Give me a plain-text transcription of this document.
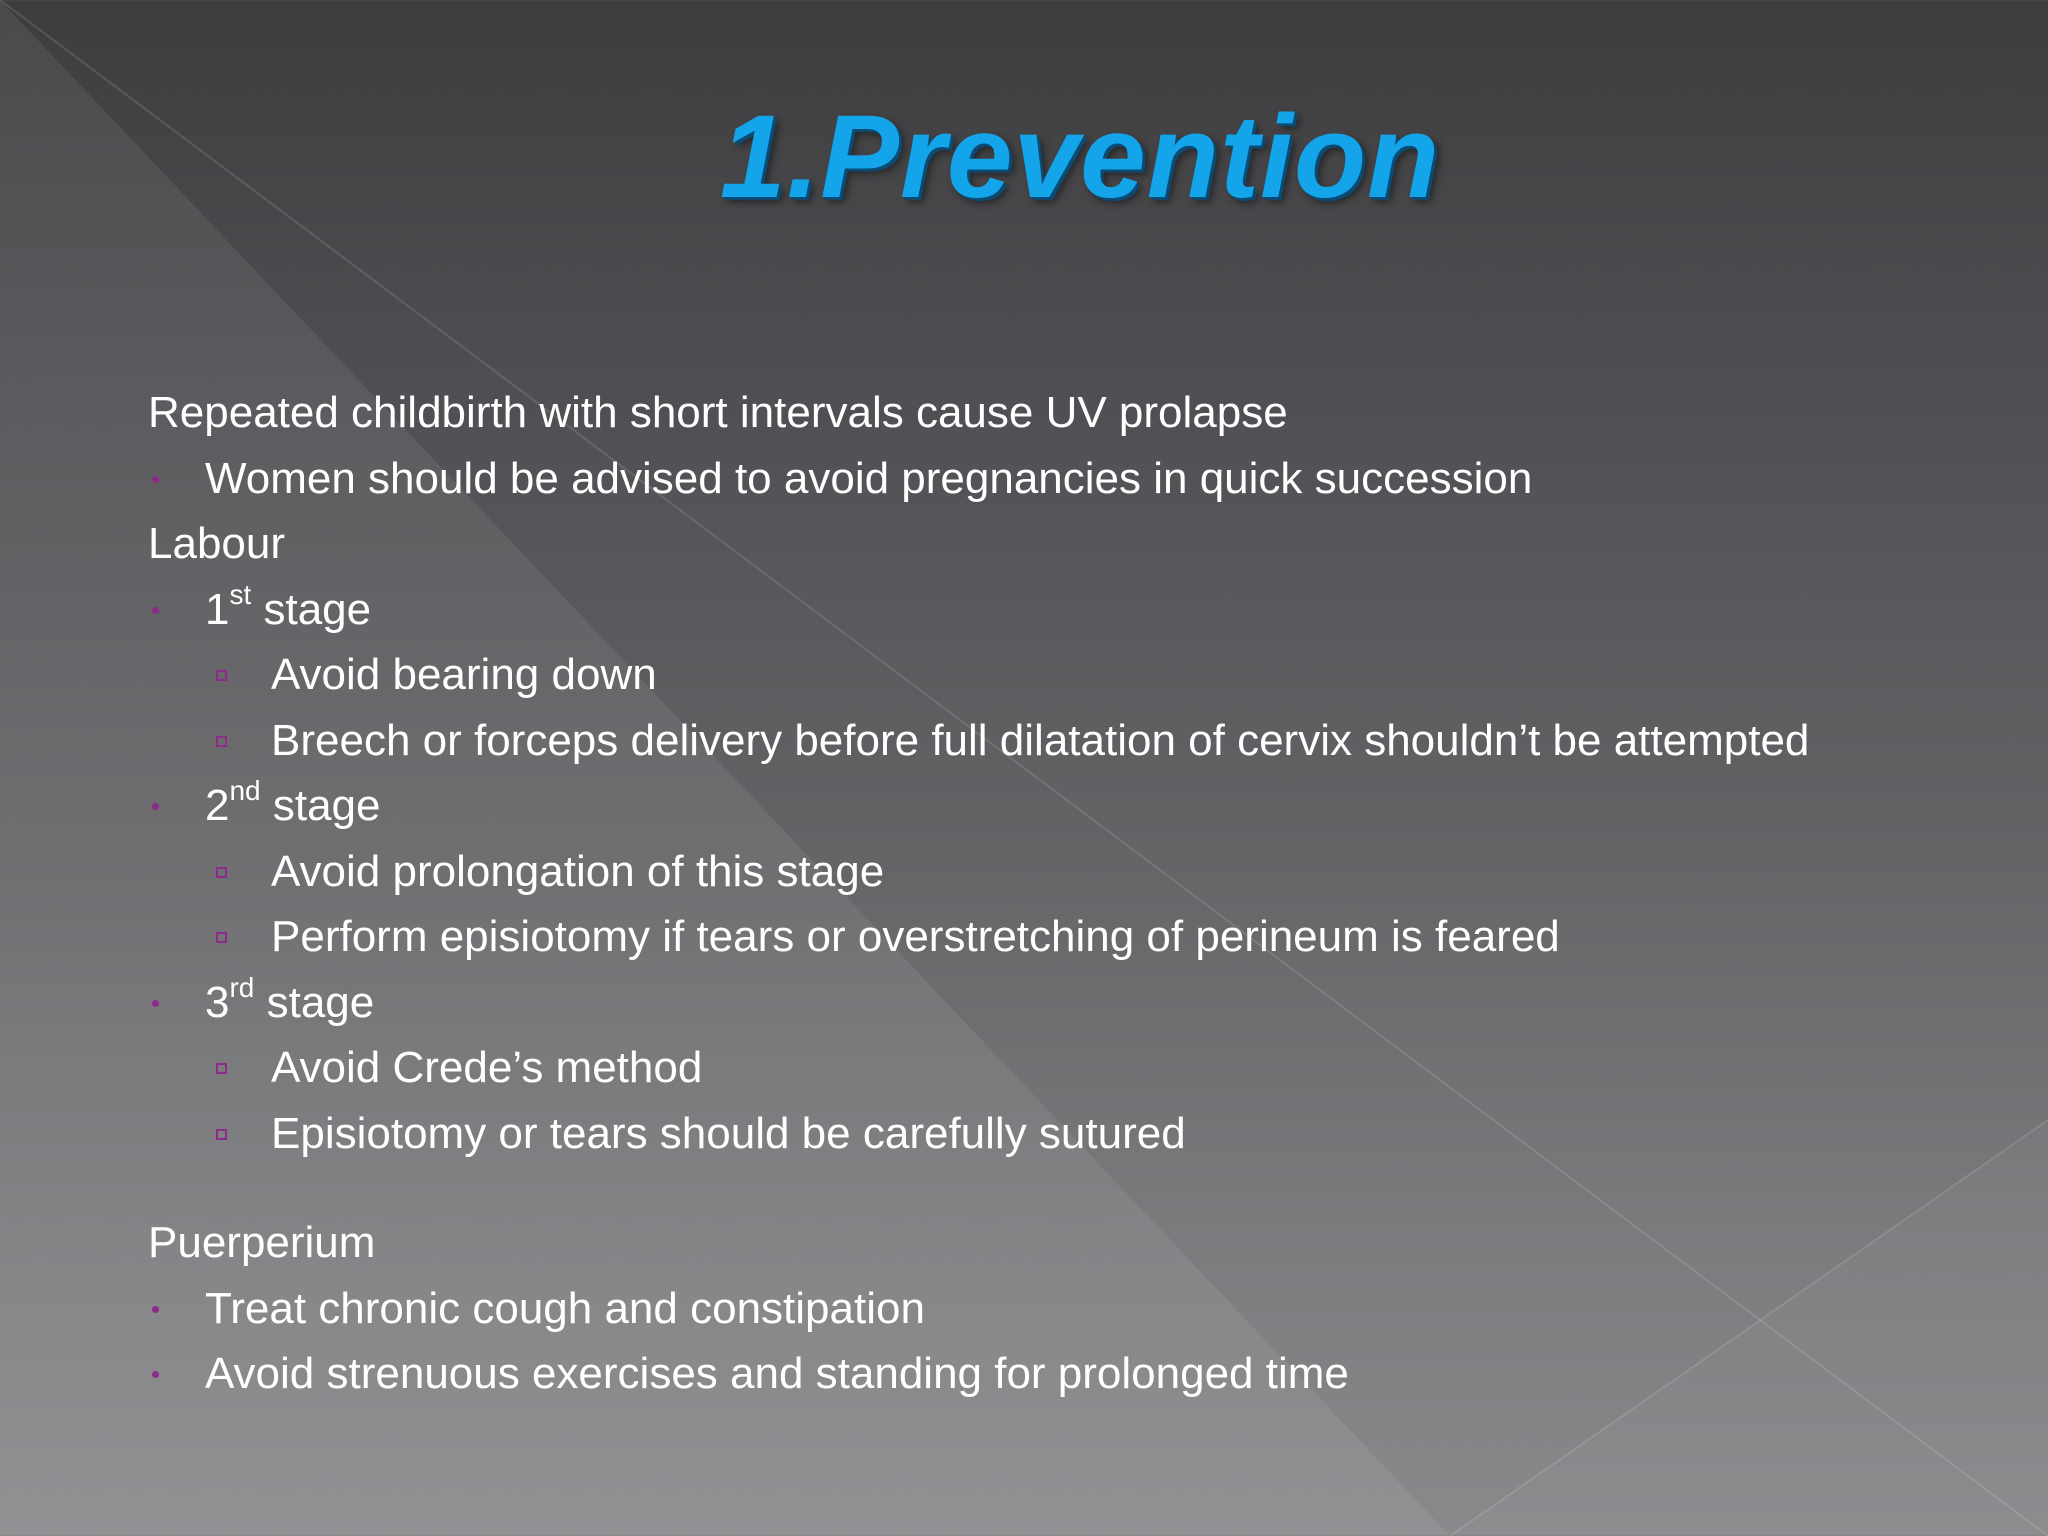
1.Prevention
Repeated childbirth with short intervals cause UV prolapse
Women should be advised to avoid pregnancies in quick succession
Labour
1st stage
Avoid bearing down
Breech or forceps delivery before full dilatation of cervix shouldn’t be attempted
2nd stage
Avoid prolongation of this stage
Perform episiotomy if tears or overstretching of perineum is feared
3rd stage
Avoid Crede’s method
Episiotomy or tears should be carefully sutured
Puerperium
Treat chronic cough and constipation
Avoid strenuous exercises and standing for prolonged time
